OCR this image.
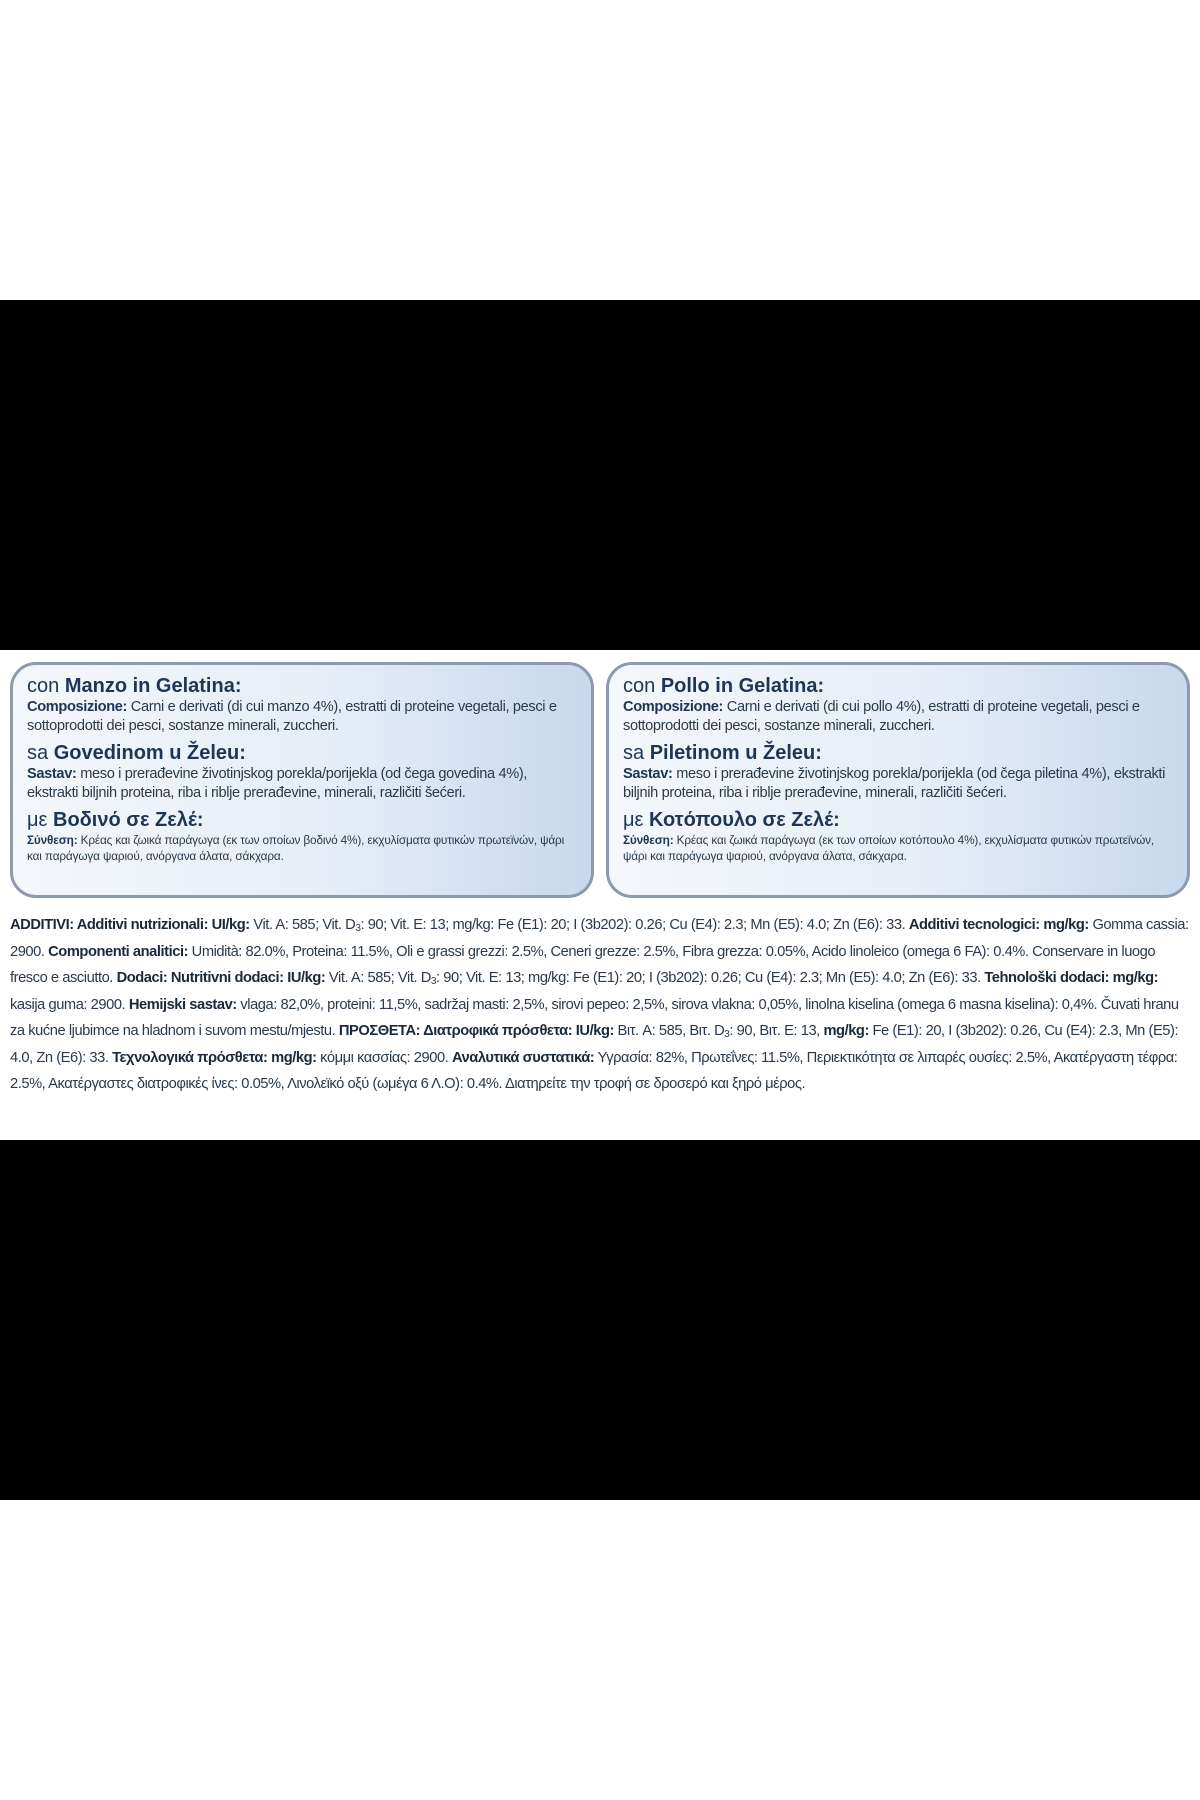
con Manzo in Gelatina:
Composizione: Carni e derivati (di cui manzo 4%), estratti di proteine vegetali, pesci e sottoprodotti dei pesci, sostanze minerali, zuccheri.
sa Govedinom u Želeu:
Sastav: meso i prerađevine životinjskog porekla/porijekla (od čega govedina 4%), ekstrakti biljnih proteina, riba i riblje prerađevine, minerali, različiti šećeri.
με Βοδινό σε Ζελέ:
Σύνθεση: Κρέας και ζωικά παράγωγα (εκ των οποίων βοδινό 4%), εκχυλίσματα φυτικών πρωτεϊνών, ψάρι και παράγωγα ψαριού, ανόργανα άλατα, σάκχαρα.
con Pollo in Gelatina:
Composizione: Carni e derivati (di cui pollo 4%), estratti di proteine vegetali, pesci e sottoprodotti dei pesci, sostanze minerali, zuccheri.
sa Piletinom u Želeu:
Sastav: meso i prerađevine životinjskog porekla/porijekla (od čega piletina 4%), ekstrakti biljnih proteina, riba i riblje prerađevine, minerali, različiti šećeri.
με Κοτόπουλο σε Ζελέ:
Σύνθεση: Κρέας και ζωικά παράγωγα (εκ των οποίων κοτόπουλο 4%), εκχυλίσματα φυτικών πρωτεϊνών, ψάρι και παράγωγα ψαριού, ανόργανα άλατα, σάκχαρα.
ADDITIVI: Additivi nutrizionali: UI/kg: Vit. A: 585; Vit. $D_3$: 90; Vit. E: 13; mg/kg: Fe (E1): 20; I (3b202): 0.26; Cu (E4): 2.3; Mn (E5): 4.0; Zn (E6): 33. Additivi tecnologici: mg/kg: Gomma cassia: 2900. Componenti analitici: Umidità: 82.0%, Proteina: 11.5%, Oli e grassi grezzi: 2.5%, Ceneri grezze: 2.5%, Fibra grezza: 0.05%, Acido linoleico (omega 6 FA): 0.4%. Conservare in luogo fresco e asciutto. Dodaci: Nutritivni dodaci: IU/kg: Vit. A: 585; Vit. $D_3$: 90; Vit. E: 13; mg/kg: Fe (E1): 20; I (3b202): 0.26; Cu (E4): 2.3; Mn (E5): 4.0; Zn (E6): 33. Tehnološki dodaci: mg/kg: kasija guma: 2900. Hemijski sastav: vlaga: 82,0%, proteini: 11,5%, sadržaj masti: 2,5%, sirovi pepeo: 2,5%, sirova vlakna: 0,05%, linolna kiselina (omega 6 masna kiselina): 0,4%. Čuvati hranu za kućne ljubimce na hladnom i suvom mestu/mjestu. ΠΡΟΣΘΕΤΑ: Διατροφικά πρόσθετα: IU/kg: Βιτ. A: 585, Βιτ. $D_3$: 90, Βιτ. E: 13, mg/kg: Fe (E1): 20, I (3b202): 0.26, Cu (E4): 2.3, Mn (E5): 4.0, Zn (E6): 33. Τεχνολογικά πρόσθετα: mg/kg: κόμμι κασσίας: 2900. Αναλυτικά συστατικά: Υγρασία: 82%, Πρωτεΐνες: 11.5%, Περιεκτικότητα σε λιπαρές ουσίες: 2.5%, Ακατέργαστη τέφρα: 2.5%, Ακατέργαστες διατροφικές ίνες: 0.05%, Λινολεϊκό οξύ (ωμέγα 6 Λ.Ο): 0.4%. Διατηρείτε την τροφή σε δροσερό και ξηρό μέρος.
